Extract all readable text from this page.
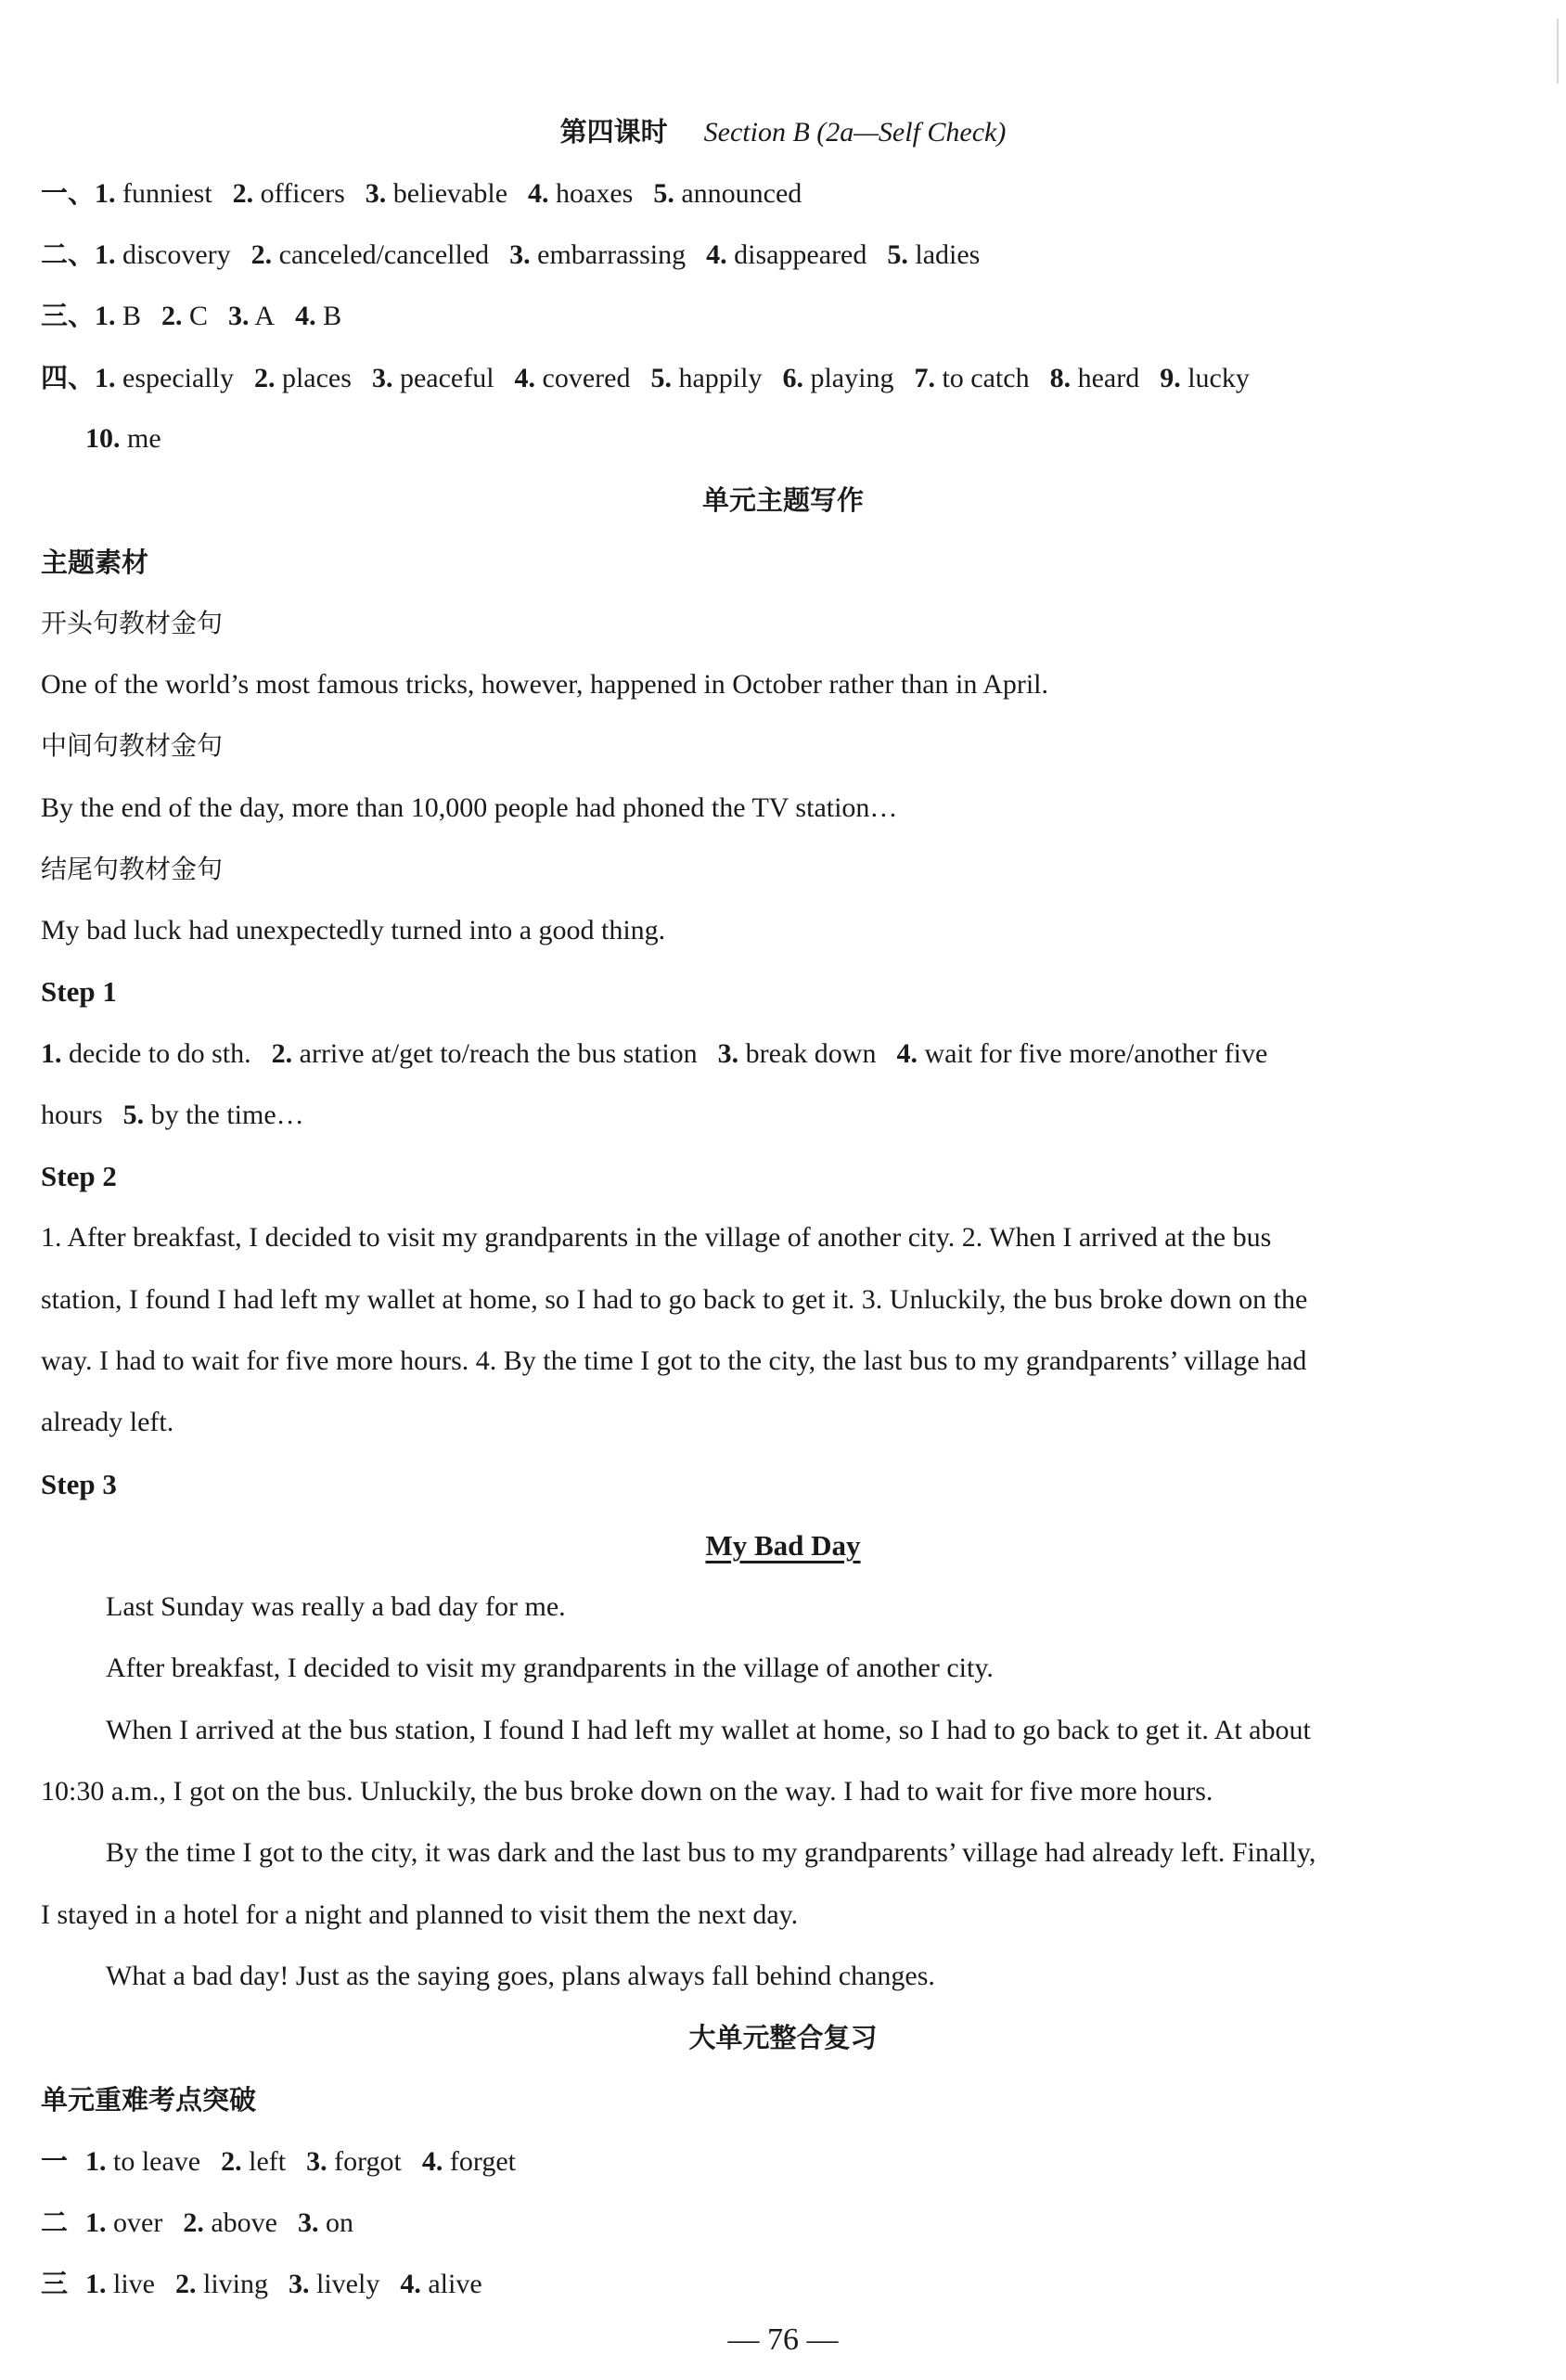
第四课时 Section B (2a—Self Check)
一、1. funniest 2. officers 3. believable 4. hoaxes 5. announced
二、1. discovery 2. canceled/cancelled 3. embarrassing 4. disappeared 5. ladies
三、1. B 2. C 3. A 4. B
四、1. especially 2. places 3. peaceful 4. covered 5. happily 6. playing 7. to catch 8. heard 9. lucky
10. me
单元主题写作
主题素材
开头句教材金句
One of the world’s most famous tricks, however, happened in October rather than in April.
中间句教材金句
By the end of the day, more than 10,000 people had phoned the TV station…
结尾句教材金句
My bad luck had unexpectedly turned into a good thing.
Step 1
1. decide to do sth. 2. arrive at/get to/reach the bus station 3. break down 4. wait for five more/another five
hours 5. by the time…
Step 2
1. After breakfast, I decided to visit my grandparents in the village of another city. 2. When I arrived at the bus
station, I found I had left my wallet at home, so I had to go back to get it. 3. Unluckily, the bus broke down on the
way. I had to wait for five more hours. 4. By the time I got to the city, the last bus to my grandparents’ village had
already left.
Step 3
My Bad Day
Last Sunday was really a bad day for me.
After breakfast, I decided to visit my grandparents in the village of another city.
When I arrived at the bus station, I found I had left my wallet at home, so I had to go back to get it. At about
10:30 a.m., I got on the bus. Unluckily, the bus broke down on the way. I had to wait for five more hours.
By the time I got to the city, it was dark and the last bus to my grandparents’ village had already left. Finally,
I stayed in a hotel for a night and planned to visit them the next day.
What a bad day! Just as the saying goes, plans always fall behind changes.
大单元整合复习
单元重难考点突破
一 1. to leave 2. left 3. forgot 4. forget
二 1. over 2. above 3. on
三 1. live 2. living 3. lively 4. alive
— 76 —
